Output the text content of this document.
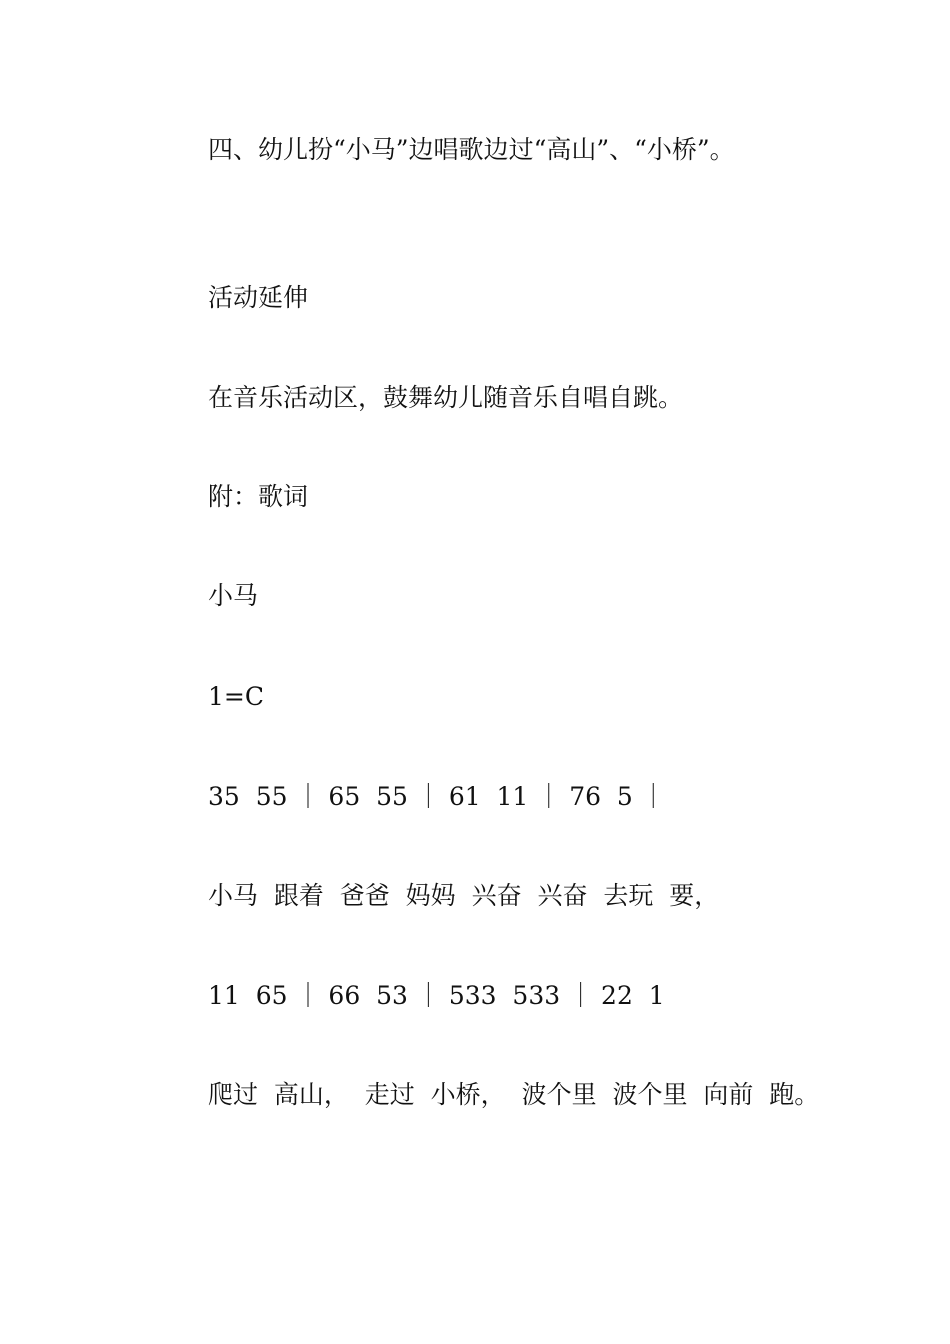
四、幼儿扮“小马”边唱歌边过“高山”、“小桥”。
活动延伸
在音乐活动区，鼓舞幼儿随音乐自唱自跳。
附：歌词
小马
1=C
35  55 ｜ 65  55 ｜ 61  11 ｜ 76  5 ｜
小马  跟着  爸爸  妈妈  兴奋  兴奋  去玩  要，
11  65 ｜ 66  53 ｜ 533  533 ｜ 22  1
爬过  高山，  走过  小桥，  波个里  波个里  向前  跑。
